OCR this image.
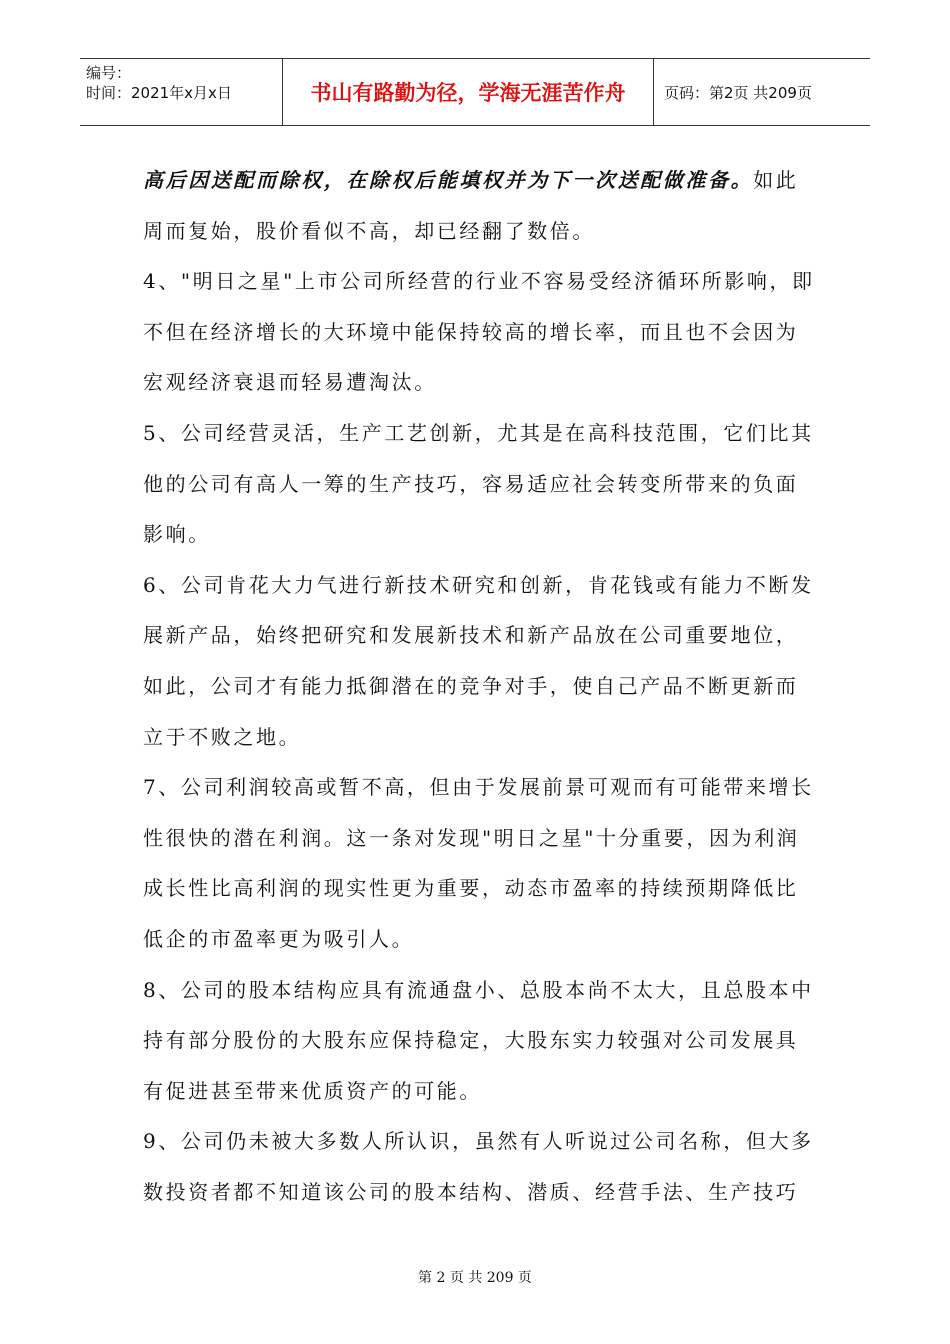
编号：
时间：2021年x月x日	书山有路勤为径，学海无涯苦作舟	页码：第2页 共209页
高后因送配而除权，在除权后能填权并为下一次送配做准备。如此
周而复始，股价看似不高，却已经翻了数倍。
4、"明日之星"上市公司所经营的行业不容易受经济循环所影响，即
不但在经济增长的大环境中能保持较高的增长率，而且也不会因为
宏观经济衰退而轻易遭淘汰。
5、公司经营灵活，生产工艺创新，尤其是在高科技范围，它们比其
他的公司有高人一筹的生产技巧，容易适应社会转变所带来的负面
影响。
6、公司肯花大力气进行新技术研究和创新，肯花钱或有能力不断发
展新产品，始终把研究和发展新技术和新产品放在公司重要地位，
如此，公司才有能力抵御潜在的竞争对手，使自己产品不断更新而
立于不败之地。
7、公司利润较高或暂不高，但由于发展前景可观而有可能带来增长
性很快的潜在利润。这一条对发现"明日之星"十分重要，因为利润
成长性比高利润的现实性更为重要，动态市盈率的持续预期降低比
低企的市盈率更为吸引人。
8、公司的股本结构应具有流通盘小、总股本尚不太大，且总股本中
持有部分股份的大股东应保持稳定，大股东实力较强对公司发展具
有促进甚至带来优质资产的可能。
9、公司仍未被大多数人所认识，虽然有人听说过公司名称，但大多
数投资者都不知道该公司的股本结构、潜质、经营手法、生产技巧
第 2 页 共 209 页
